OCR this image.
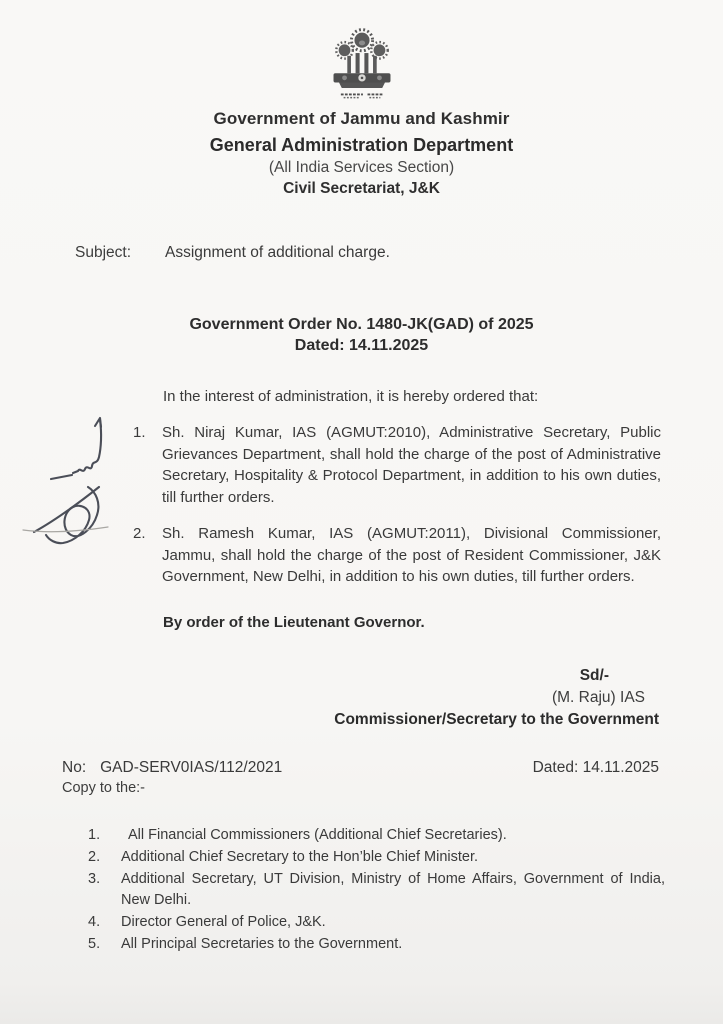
Government of Jammu and Kashmir
General Administration Department
(All India Services Section)
Civil Secretariat, J&K
Subject:	Assignment of additional charge.
Government Order No. 1480-JK(GAD) of 2025
Dated: 14.11.2025
In the interest of administration, it is hereby ordered that:
1. Sh. Niraj Kumar, IAS (AGMUT:2010), Administrative Secretary, Public Grievances Department, shall hold the charge of the post of Administrative Secretary, Hospitality & Protocol Department, in addition to his own duties, till further orders.
2. Sh. Ramesh Kumar, IAS (AGMUT:2011), Divisional Commissioner, Jammu, shall hold the charge of the post of Resident Commissioner, J&K Government, New Delhi, in addition to his own duties, till further orders.
By order of the Lieutenant Governor.
Sd/-
(M. Raju) IAS
Commissioner/Secretary to the Government
No: GAD-SERV0IAS/112/2021	Dated: 14.11.2025
Copy to the:-
1.	All Financial Commissioners (Additional Chief Secretaries).
2.	Additional Chief Secretary to the Hon’ble Chief Minister.
3.	Additional Secretary, UT Division, Ministry of Home Affairs, Government of India, New Delhi.
4.	Director General of Police, J&K.
5.	All Principal Secretaries to the Government.
